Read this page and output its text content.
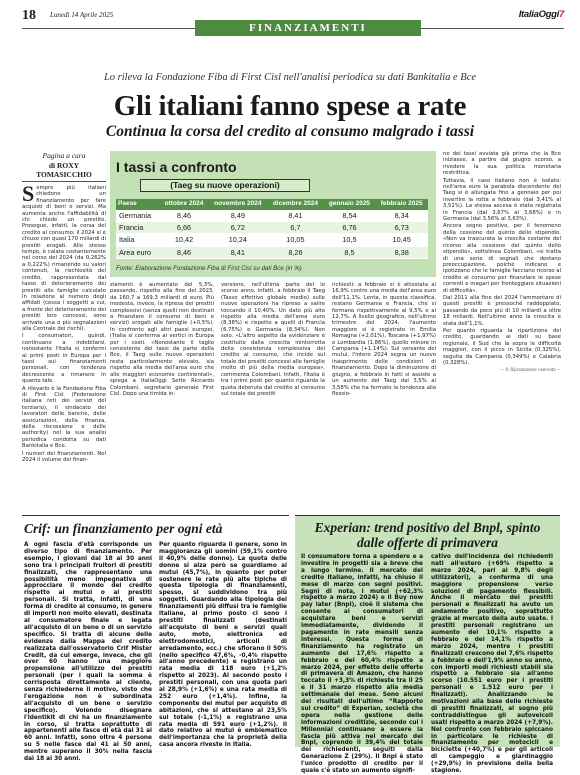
18 Lunedì 14 Aprile 2025
FINANZIAMENTI
ItaliaOggi7
Lo rileva la Fondazione Fiba di First Cisl nell'analisi periodica su dati Bankitalia e Bce
Gli italiani fanno spese a rate
Continua la corsa del credito al consumo malgrado i tassi

Pagina a cura

di ROXY TOMASICCHIO

Sempre più italiani chiedono un finanziamento per fare acquisti di beni o servizi. Ma aumenta anche l'affidabilità di chi chiede un prestito. Prosegue, infatti, la corsa del credito al consumo: il 2024 si è chiuso con quasi 170 miliardi di prestiti erogati. Allo stesso tempo, è calata costantemente nel corso del 2024 (da 0,262% a 0,222%) rimanendo su valori contenuti, la rischiosità del credito, rappresentata dal tasso di deterioramento dei prestiti alle famiglie calcolato in relazione al numero degli affidati (cessa i soggetti a cui, a fronte del deterioramento dei prestiti loro concessi, sono arrivate una o più segnalazioni alla Centrale dei rischi).

I consumatori, quindi, continuano a indebitarsi, nonostante l'Italia si confermi ai primi posti in Europa per i tassi sui finanziamenti personali, con tendenza decrescente a rimanere in quanto tale.

A rilevarlo è la Fondazione Fiba di First Cisl (Federazione italiana reti dei servizi del terziario), il sindacato dei lavoratori delle banche, delle assicurazioni, della finanza, della riscossione e delle authority) nel la sua analisi periodica condotta su dati Bankitalia e Bce.

I numeri dei finanziamenti. Nel 2024 il volume dei finan-

I tassi a confronto
(Taeg su nuove operazioni)
Paese	ottobre 2024	novembre 2024	dicembre 2024	gennaio 2025	febbraio 2025
Germania	8,46	8,49	8,41	8,54	8,34
Francia	6,66	6,72	6,7	6,76	6,73
Italia	10,42	10,24	10,05	10,5	10,45
Area euro	8,46	8,41	8,26	8,5	8,38
Fonte: Elaborazione Fondazione Fiba di First Cisl su dati Bce (in %)

ziamenti è aumentato del 5,3%, passando, rispetto alla fine del 2023, da 160,7 a 169,3 miliardi di euro. Più modesta, invece, la ripresa dei prestiti complessivi (senza quelli non destinati a finanziare il consumo di beni e servizi) erogati alle famiglie (+0,5%). In confronto agli altri paesi europei, l'Italia si conferma ai vertici in Europa per i costi. «Nonostante il taglio consistente dei tassi da parte della Bce, il Taeg sulle nuove operazioni resta particolarmente elevato, sia rispetto alla media dell'area euro che alle maggiori economie continentali», spiega a ItaliaOggi Sette Riccardo Colombani, segretario generale First Cisl. Dopo una timida in-

versione, nell'ultima parte del lo scorso anno, infatti, a febbraio il Taeg (Tasso effettivo globale medio) sulle nuove operazioni ha ripreso a salire toccando il 10,40%. Un dato più alto rispetto alla media dell'area euro (8,38%) e rispetto a quelli di Francia (6,75%) e Germania (8,34%). Non solo. «L'altro aspetto da evidenziare è costituito dalla crescita inintorrotta della consistenza complessiva del credito al consumo, che incide sul totale dei prestiti concessi alle famiglie molto di più della media europea», commenta Colombani. Infatti, l'Italia è tra i primi posti per quanto riguarda la quota detenuta dal credito al consumo sul totale dei prestiti

richiesti: a febbraio si è attestata al 16,9% contro una media dell'area euro dell'11,1%. Lenta, in questa classifica, restano Germania e Francia, che si fermano rispettivamente al 9,5% e al 12,7%. A livello geografico, nell'ultimo trimestre del 2024, l'aumento maggiore si è registrato in Emilia Romagna (+2,01%), Toscana (+1,97%) e Lombardia (1,86%), quello minore in Campania (+1,14%). Sul versante dei mutui, l'intero 2024 segna un nuovo inasprimento delle condizioni di finanziamento. Dopo la diminuzione di giugno, a febbraio in fatti si assiste a un aumento del Taeg dal 3,5% al 3,58% che ha fermato la tendenza alla flessio-

ne dei tassi avviata già prima che la Bce iniziasse, a partire dal giugno scorso, a rivedere la sua politica monetaria restrittiva.

Tuttavia, il caso italiano non è isolato: nell'area euro la parabola discendente del Taeg si è allungata fino a gennaio per poi invertire la rotta a febbraio (dal 3,41% al 3,51%). La stessa ascesa è stata registrata in Francia (dal 3,67% al 3,68%) e in Germania (dal 3,56% al 3,63%).

Ancora segno positivo, per il fenomeno della cessione del quinto dello stipendio. «Non va trascurata la crescita costante del ricorso alla cessione del quinto dello stipendio», sottolinea Colombani, «si tratta di una serie di segnali che destano preoccupazione, poiché indicano e ipotizzano che le famiglie facciano ricorso al credito al consumo per finanziare le spese correnti e magari per fronteggiare situazioni di difficoltà».

Dal 2011 alla fine del 2024 l'ammontare di questi prestiti è pressoché raddoppiato, passando da poco più di 10 miliardi a oltre 18 miliardi. Nell'ultimo anno la crescita è stata dell'1,1%.

Per quanto riguarda la ripartizione del credito, guardando ai dati su base regionale, il Sud che la sopra le difficoltà maggiori, con il picco in Sicilia (0,325%), seguita da Campania (0,349%) e Calabria (0,328%).

— © Riproduzione riservata —

Crif: un finanziamento per ogni età
A ogni fascia d'età corrisponde un diverso tipo di finanziamento. Per esempio, i giovani dai 18 ai 30 anni sono tra i principali fruitori di prestiti finalizzati, che rappresentano una possibilità meno impegnativa di approcciare il mondo del credito rispetto ai mutui o ai prestiti personali. Si tratta, infatti, di una forma di credito al consumo, in genere di importi non molto elevati, destinata al consumatore finale e legata all'acquisto di un bene o di un servizio specifico. Si tratta di alcune delle evidenze dalla Mappa del credito realizzata dall'osservatorio Crif Mister Credit, da cui emerge, invece, che gli over 60 hanno una maggiore propensione all'utilizzo dei prestiti personali (per i quali la somma è corrisposta direttamente al cliente, senza richiederne il motivo, visto che l'erogazione non è subordinata all'acquisto di un bene o servizio specifico). Volendo disegnare l'identikit di chi ha un finanziamento in corso, si tratta soprattutto di appartenenti alle fasce di età dai 31 ai 60 anni. Infatti, sono oltre 4 persone su 5 nelle fasce dai 41 ai 50 anni, mentre superano il 30% nella fascia dai 18 ai 30 anni.
Per quanto riguarda il genere, sono in maggioranza gli uomini (59,1% contro il 40,9% delle donne). La quota delle donne si alza però se guardiamo ai mutui (45,7%), in quanto per poter sostenere le rate più alte tipiche di questa tipologia di finanziamenti, spesso, si suddividono tra più soggetti. Guardando alla tipologia dei finanziamenti più diffusi tra le famiglie italiane, al primo posto ci sono i prestiti finalizzati (destinati all'acquisto di beni e servizi quali auto, moto, elettronica ed elettrodomestici, articoli di arredamento, ecc.) che sfiorano il 50% (nello specifico 47,6%, -0,4% rispetto all'anno precedente) e registrano un rata media di 118 euro (+1,2% rispetto al 2023). Al secondo posto i prestiti personali, con una quota pari al 28,9% (+1,6%) e una rata media di 252 euro (+1,4%). Infine, la componente dei mutui per acquisto di abitazioni, che si attestano al 23,5% sul totale (-1,1%) e registrano una rata media di 591 euro (+1,2%). Il dato relativo ai mutui è emblematico dell'importanza che la proprietà della casa ancora riveste in Italia.
Experian: trend positivo del Bnpl, spinto dalle offerte di primavera
Il consumatore torna a spendere e a investire in progetti sia a breve che a lungo termine. Il mercato del credito italiano, infatti, ha chiuso il mese di marzo con segni positivi. Segni di nota, i mutui (+62,3% rispetto a marzo 2024) e il Buy now pay later (Bnpl), cioè il sistema che consente ai consumatori di acquistare beni e servizi immediatamente, dividendo il pagamento in rate mensili senza interessi. Questa forma di finanziamento ha registrato un aumento del 17,6% rispetto a febbraio e del 60,4% rispetto a marzo 2024, per effetto delle offerte di primavera di Amazon, che hanno toccato il +3,3% di richieste tra il 25 e il 31 marzo rispetto alla media settimanale del mese. Sono alcuni dei risultati dell'ultimo “Rapporto sul credito” di Experian, società che opera nella gestione delle informazioni creditizie, secondo cui i Millennial continuano a essere la fascia più attiva nel mercato del Bnpl, coprendo il 39,4% del totale dei richiedenti, seguiti dalla Generazione Z (29%). Il Bnpl è stato l'unico prodotto di credito per il quale c'è stato un aumento signifi-
cativo dell'incidenza dei richiedenti nati all'estero (+69% rispetto a marzo 2024, pari al 9,8% degli utilizzatori), a conferma di una maggiore propensione verso soluzioni di pagamento flessibili. Anche il mercato dei prestiti personali e finalizzati ha avuto un andamento positivo, soprattutto grazie al mercato della auto usate. I prestiti personali registrano un aumento del 10,1% rispetto a febbraio e del 14,1% rispetto a marzo 2024, mentre i prestiti finalizzati crescono del 7,6% rispetto a febbraio e dell'1,9% anno su anno, con importi medi richiesti stabili sia rispetto a febbraio sia all'anno scorso (10.551 euro per i prestiti personali e 1.512 euro per i finalizzati). Analizzando le motivazioni alla base delle richieste di prestiti finalizzati, al sogno più contraddistingue gli autoveicoli usati rispetto a marzo 2024 (+7,9%). Nel confronto con febbraio spiccano in particolare le richieste di finanziamento per motocicli e biciclette (+40,7%) e per gli articoli di campeggio e giardinaggio (+29,9%) in previsione della bella stagione.
